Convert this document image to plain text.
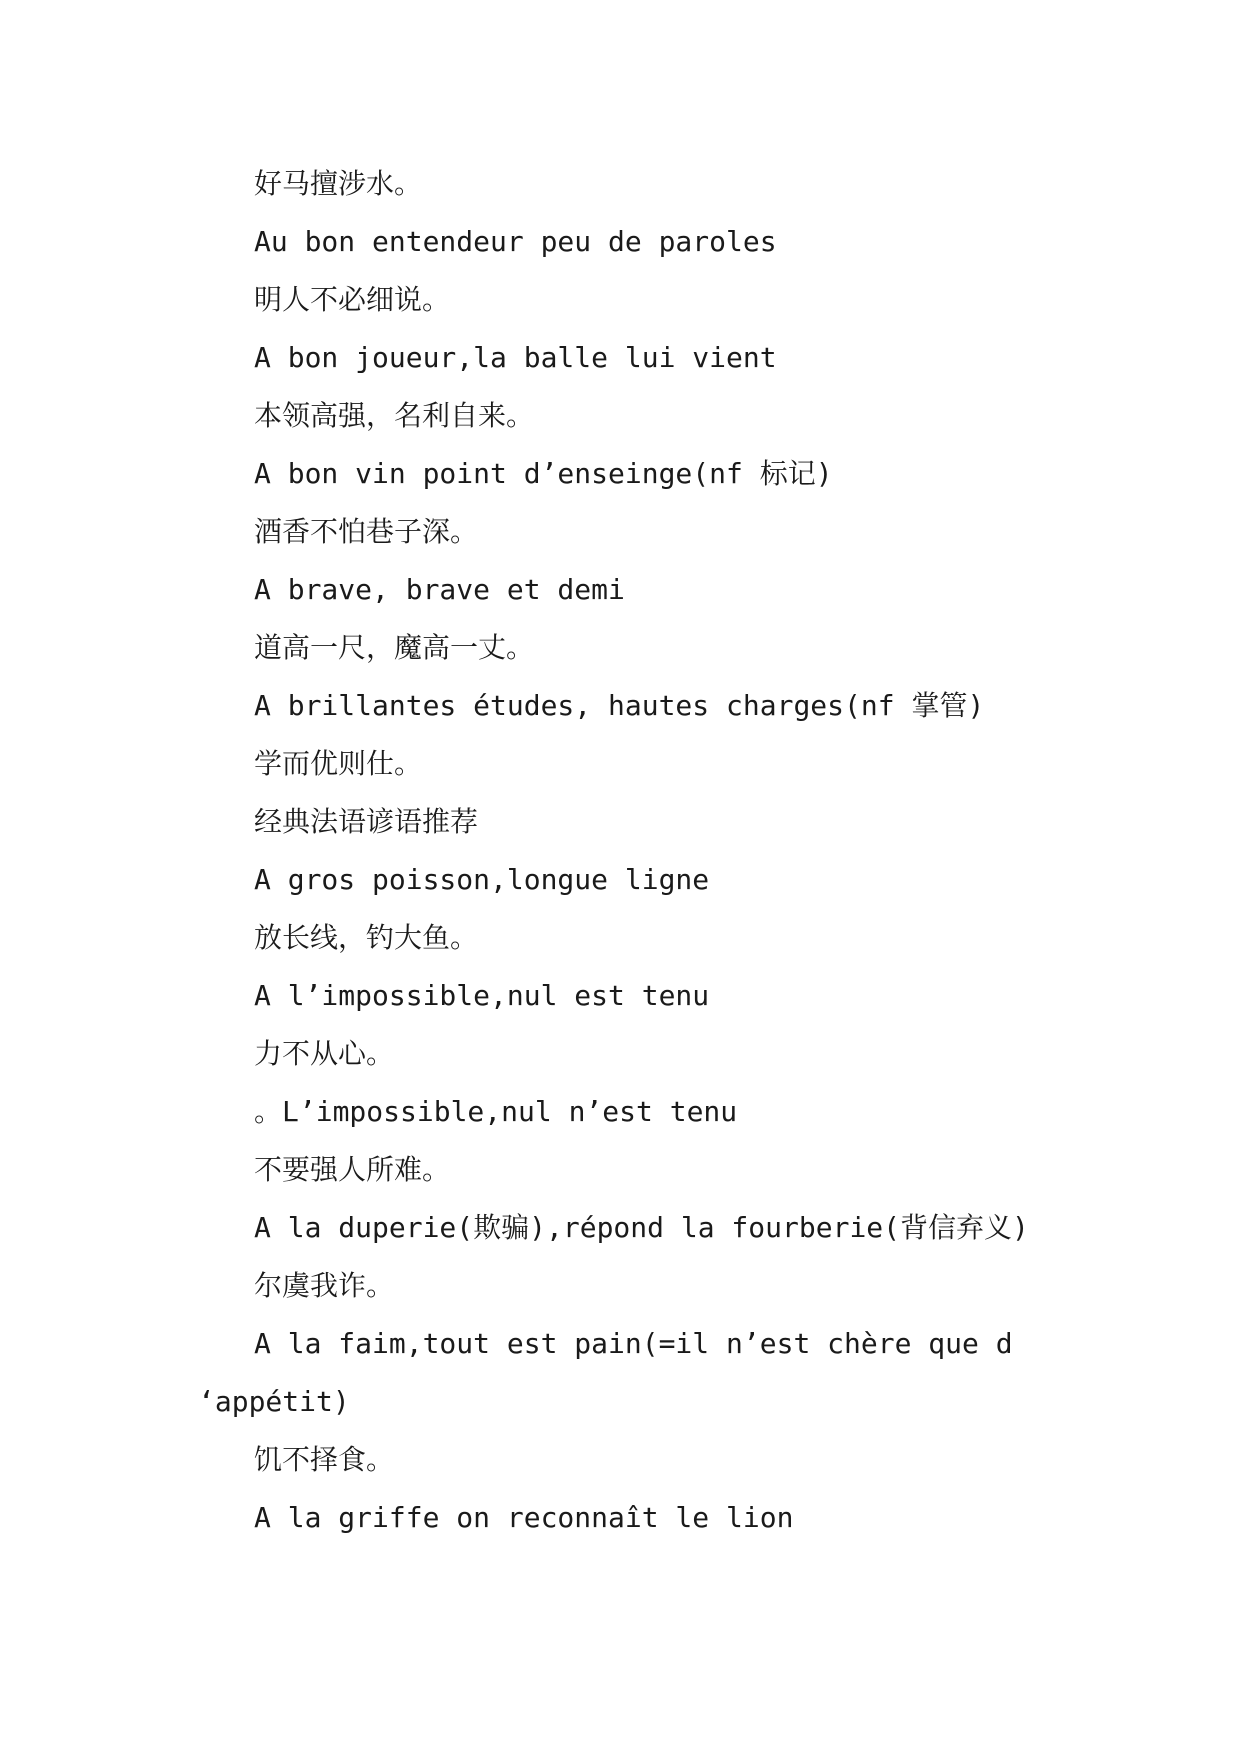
好马擅涉水。
Au bon entendeur peu de paroles
明人不必细说。
A bon joueur,la balle lui vient
本领高强，名利自来。
A bon vin point d’enseinge(nf 标记)
酒香不怕巷子深。
A brave, brave et demi
道高一尺，魔高一丈。
A brillantes études, hautes charges(nf 掌管)
学而优则仕。
经典法语谚语推荐
A gros poisson,longue ligne
放长线，钓大鱼。
A l’impossible,nul est tenu
力不从心。
。L’impossible,nul n’est tenu
不要强人所难。
A la duperie(欺骗),répond la fourberie(背信弃义)
尔虞我诈。
A la faim,tout est pain(=il n’est chère que d
‘appétit)
饥不择食。
A la griffe on reconnaît le lion
